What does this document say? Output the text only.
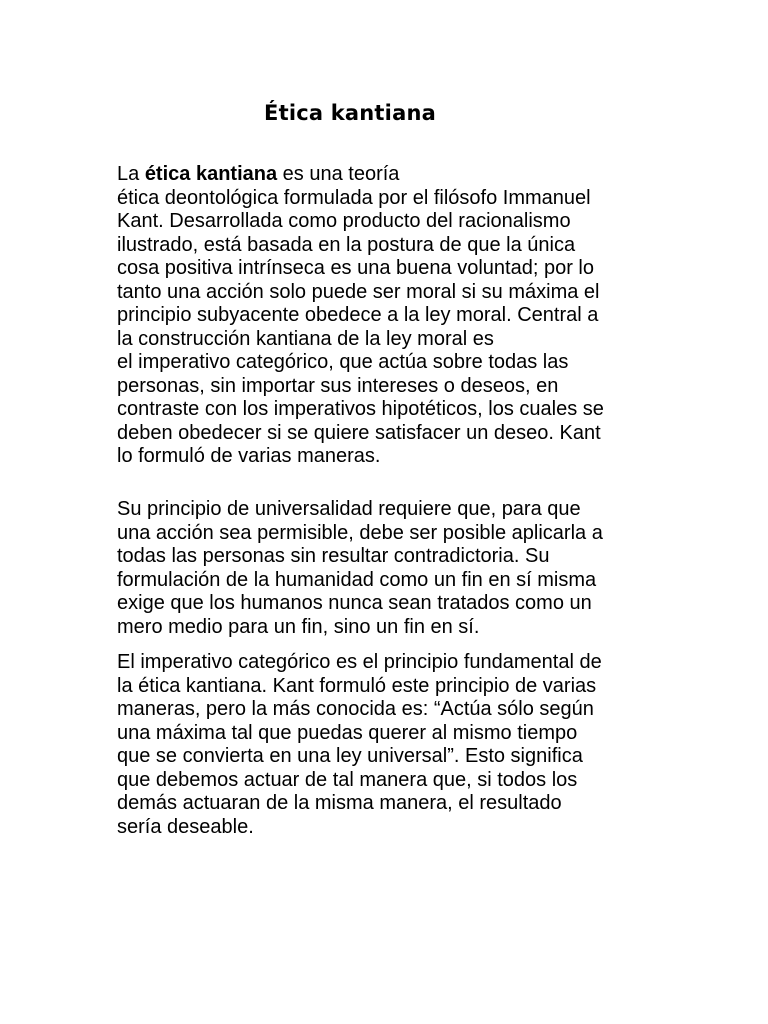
Ética kantiana
La ética kantiana es una teoría
ética deontológica formulada por el filósofo Immanuel
Kant. Desarrollada como producto del racionalismo
ilustrado, está basada en la postura de que la única
cosa positiva intrínseca es una buena voluntad; por lo
tanto una acción solo puede ser moral si su máxima el
principio subyacente obedece a la ley moral. Central a
la construcción kantiana de la ley moral es
el imperativo categórico, que actúa sobre todas las
personas, sin importar sus intereses o deseos, en
contraste con los imperativos hipotéticos, los cuales se
deben obedecer si se quiere satisfacer un deseo. Kant
lo formuló de varias maneras.
Su principio de universalidad requiere que, para que
una acción sea permisible, debe ser posible aplicarla a
todas las personas sin resultar contradictoria. Su
formulación de la humanidad como un fin en sí misma
exige que los humanos nunca sean tratados como un
mero medio para un fin, sino un fin en sí.
El imperativo categórico es el principio fundamental de
la ética kantiana. Kant formuló este principio de varias
maneras, pero la más conocida es: “Actúa sólo según
una máxima tal que puedas querer al mismo tiempo
que se convierta en una ley universal”. Esto significa
que debemos actuar de tal manera que, si todos los
demás actuaran de la misma manera, el resultado
sería deseable.
